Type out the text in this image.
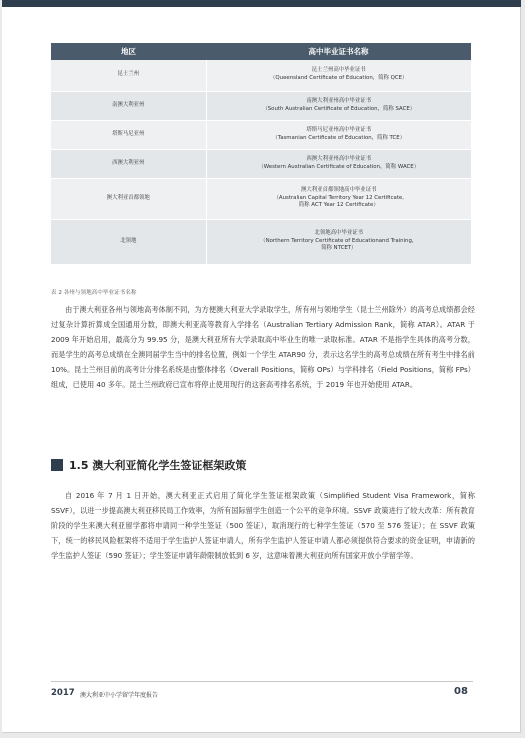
地区	高中毕业证书名称
昆士兰州	昆士兰州高中毕业证书
（Queensland Certificate of Education，简称 QCE）

南澳大利亚州	南澳大利亚州高中毕业证书
（South Australian Certificate of Education，简称 SACE）

塔斯马尼亚州	塔斯马尼亚州高中毕业证书
（Tasmanian Certificate of Education，简称 TCE）

西澳大利亚州	西澳大利亚州高中毕业证书
（Western Australian Certificate of Education，简称 WACE）

澳大利亚首都领地	澳大利亚首都领地高中毕业证书
（Australian Capital Territory Year 12 Certificate,
简称 ACT Year 12 Certificate）

北领地	北领地高中毕业证书
（Northern Territory Certificate of Educationand Training，
简称 NTCET）
表 2 各州与领地高中毕业证书名称

由于澳大利亚各州与领地高考体制不同，为方便澳大利亚大学录取学生，所有州与领地学生（昆士兰州除外）的高考总成绩都会经过复杂计算折算成全国通用分数，即澳大利亚高等教育入学排名（Australian Tertiary Admission Rank，简称 ATAR）。ATAR 于 2009 年开始启用，最高分为 99.95 分，是澳大利亚所有大学录取高中毕业生的唯一录取标准。ATAR 不是指学生具体的高考分数，而是学生的高考总成绩在全澳同届学生当中的排名位置，例如一个学生 ATAR90 分，表示这名学生的高考总成绩在所有考生中排名前 10%。昆士兰州目前的高考计分排名系统是由整体排名（Overall Positions，简称 OPs）与学科排名（Field Positions，简称 FPs）组成，已使用 40 多年。昆士兰州政府已宣布将停止使用现行的这套高考排名系统，于 2019 年也开始使用 ATAR。

1.5 澳大利亚简化学生签证框架政策

自 2016 年 7 月 1 日开始，澳大利亚正式启用了简化学生签证框架政策（Simplified Student Visa Framework，简称 SSVF），以进一步提高澳大利亚移民局工作效率，为所有国际留学生创造一个公平的竞争环境。SSVF 政策进行了较大改革：所有教育阶段的学生来澳大利亚留学都将申请同一种学生签证（500 签证），取消现行的七种学生签证（570 至 576 签证）；在 SSVF 政策下，统一的移民风险框架将不适用于学生监护人签证申请人，所有学生监护人签证申请人都必须提供符合要求的资金证明，申请新的学生监护人签证（590 签证）；学生签证申请年龄限制放低到 6 岁，这意味着澳大利亚向所有国家开放小学留学等。

2017 澳大利亚中小学留学年度报告	08
